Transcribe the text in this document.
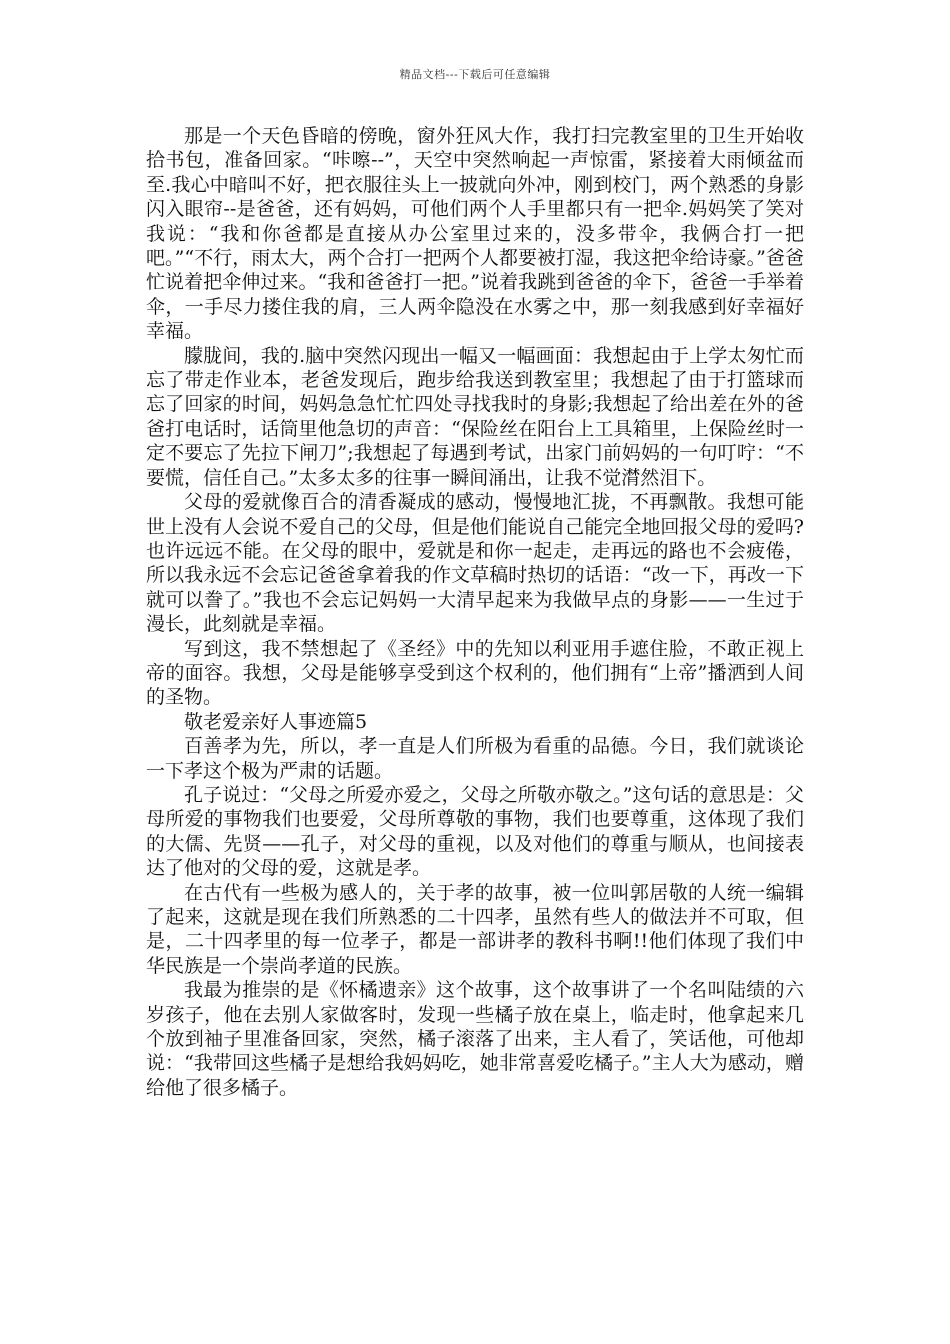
精品文档---下载后可任意编辑

那是一个天色昏暗的傍晚，窗外狂风大作，我打扫完教室里的卫生开始收拾书包，准备回家。“咔嚓--”，天空中突然响起一声惊雷，紧接着大雨倾盆而至.我心中暗叫不好，把衣服往头上一披就向外冲，刚到校门，两个熟悉的身影闪入眼帘--是爸爸，还有妈妈，可他们两个人手里都只有一把伞.妈妈笑了笑对我说：“我和你爸都是直接从办公室里过来的，没多带伞，我俩合打一把吧。”“不行，雨太大，两个合打一把两个人都要被打湿，我这把伞给诗豪。”爸爸忙说着把伞伸过来。“我和爸爸打一把。”说着我跳到爸爸的伞下，爸爸一手举着伞，一手尽力搂住我的肩，三人两伞隐没在水雾之中，那一刻我感到好幸福好幸福。

朦胧间，我的.脑中突然闪现出一幅又一幅画面：我想起由于上学太匆忙而忘了带走作业本，老爸发现后，跑步给我送到教室里；我想起了由于打篮球而忘了回家的时间，妈妈急急忙忙四处寻找我时的身影;我想起了给出差在外的爸爸打电话时，话筒里他急切的声音：“保险丝在阳台上工具箱里，上保险丝时一定不要忘了先拉下闸刀”;我想起了每遇到考试，出家门前妈妈的一句叮咛：“不要慌，信任自己。”太多太多的往事一瞬间涌出，让我不觉潸然泪下。

父母的爱就像百合的清香凝成的感动，慢慢地汇拢，不再飘散。我想可能世上没有人会说不爱自己的父母，但是他们能说自己能完全地回报父母的爱吗?也许远远不能。在父母的眼中，爱就是和你一起走，走再远的路也不会疲倦，所以我永远不会忘记爸爸拿着我的作文草稿时热切的话语：“改一下，再改一下就可以誊了。”我也不会忘记妈妈一大清早起来为我做早点的身影——一生过于漫长，此刻就是幸福。

写到这，我不禁想起了《圣经》中的先知以利亚用手遮住脸，不敢正视上帝的面容。我想，父母是能够享受到这个权利的，他们拥有“上帝”播洒到人间的圣物。

敬老爱亲好人事迹篇5

百善孝为先，所以，孝一直是人们所极为看重的品德。今日，我们就谈论一下孝这个极为严肃的话题。

孔子说过：“父母之所爱亦爱之，父母之所敬亦敬之。”这句话的意思是：父母所爱的事物我们也要爱，父母所尊敬的事物，我们也要尊重，这体现了我们的大儒、先贤——孔子，对父母的重视，以及对他们的尊重与顺从，也间接表达了他对的父母的爱，这就是孝。

在古代有一些极为感人的，关于孝的故事，被一位叫郭居敬的人统一编辑了起来，这就是现在我们所熟悉的二十四孝，虽然有些人的做法并不可取，但是，二十四孝里的每一位孝子，都是一部讲孝的教科书啊!!他们体现了我们中华民族是一个崇尚孝道的民族。

我最为推崇的是《怀橘遗亲》这个故事，这个故事讲了一个名叫陆绩的六岁孩子，他在去别人家做客时，发现一些橘子放在桌上，临走时，他拿起来几个放到袖子里准备回家，突然，橘子滚落了出来，主人看了，笑话他，可他却说：“我带回这些橘子是想给我妈妈吃，她非常喜爱吃橘子。”主人大为感动，赠给他了很多橘子。
